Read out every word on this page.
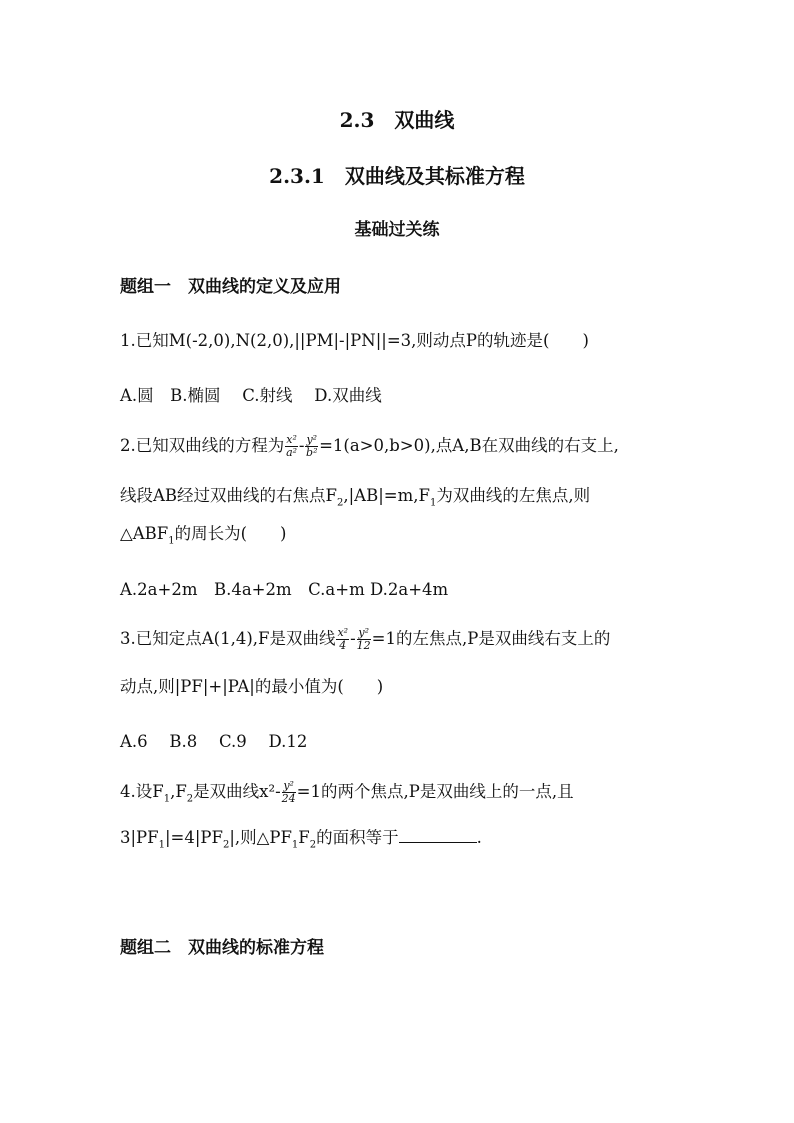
2.3　双曲线
2.3.1　双曲线及其标准方程
基础过关练
题组一　双曲线的定义及应用
1.已知M(-2,0),N(2,0),||PM|-|PN||=3,则动点P的轨迹是(　　)
A.圆　B.椭圆　 C.射线　 D.双曲线
2.已知双曲线的方程为 $\frac{\text{x²}}{\text{a²}} - \frac{\text{y²}}{\text{b²}} =1(a>0,b>0)$,点A,B在双曲线的右支上,
线段AB经过双曲线的右焦点$F_2,|AB|=m,F_1$为双曲线的左焦点,则
$\triangle ABF_1$的周长为(　　)
A.2a+2m　B.4a+2m　C.a+m D.2a+4m
3.已知定点A(1,4),F是双曲线 $\frac{\text{x²}}{4} - \frac{\text{y²}}{12} =1$的左焦点,P是双曲线右支上的
动点,则|PF|+|PA|的最小值为(　　)
A.6　 B.8　 C.9　 D.12
4.设$F_1,F_2$是双曲线$x^2- \frac{\text{y²}}{24} =1$的两个焦点,P是双曲线上的一点,且
$3|PF_1|=4|PF_2|$,则$\triangle PF_1F_2$的面积等于	.
题组二　双曲线的标准方程
